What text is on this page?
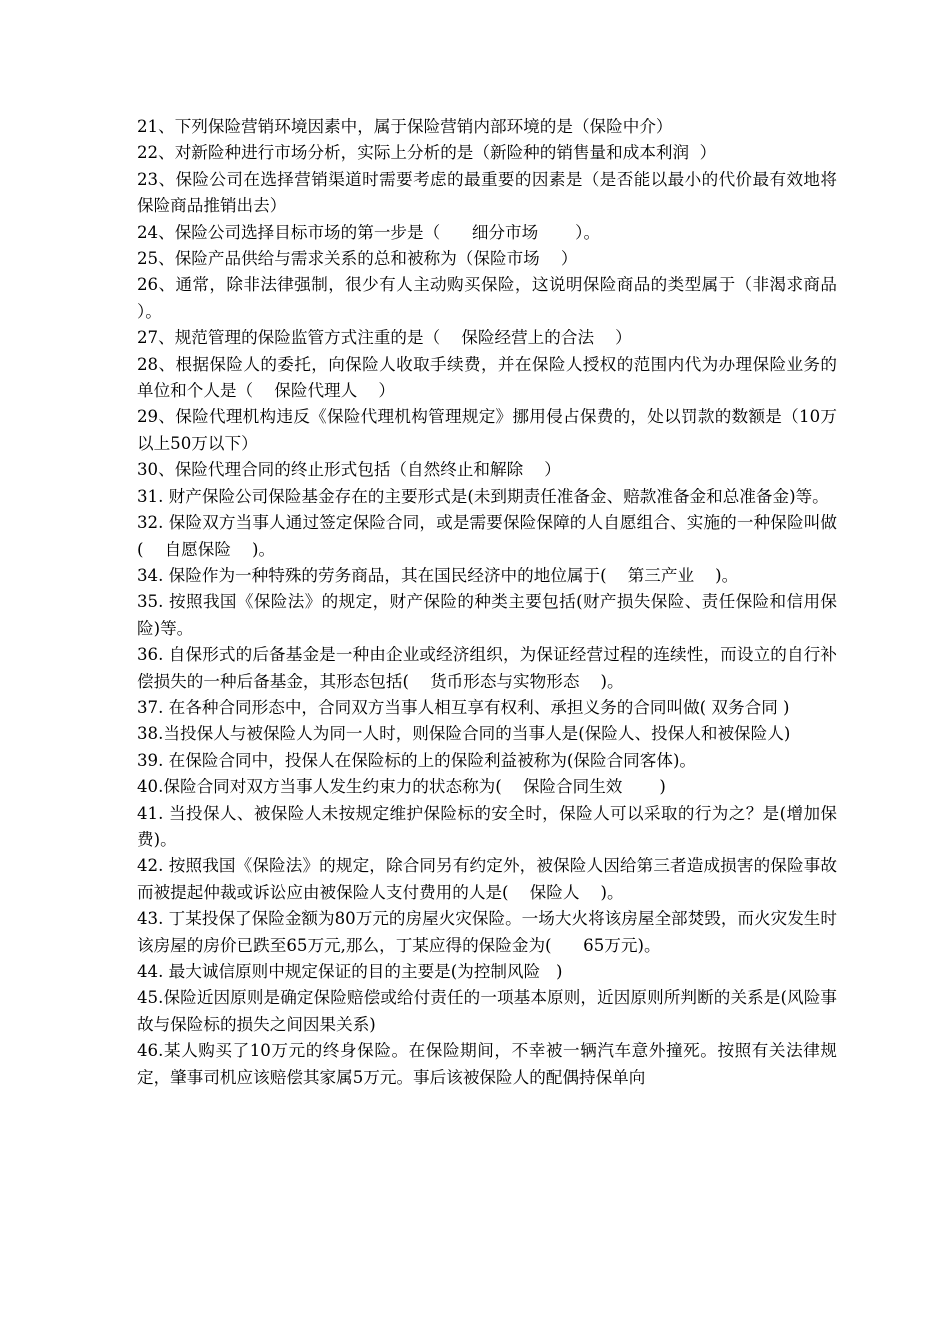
21、下列保险营销环境因素中，属于保险营销内部环境的是（保险中介）

22、对新险种进行市场分析，实际上分析的是（新险种的销售量和成本利润  ）

23、保险公司在选择营销渠道时需要考虑的最重要的因素是（是否能以最小的代价最有效地将保险商品推销出去）

24、保险公司选择目标市场的第一步是（      细分市场       ）。

25、保险产品供给与需求关系的总和被称为（保险市场    ）

26、通常，除非法律强制，很少有人主动购买保险，这说明保险商品的类型属于（非渴求商品     ）。

27、规范管理的保险监管方式注重的是（    保险经营上的合法    ）

28、根据保险人的委托，向保险人收取手续费，并在保险人授权的范围内代为办理保险业务的单位和个人是（    保险代理人    ）

29、保险代理机构违反《保险代理机构管理规定》挪用侵占保费的，处以罚款的数额是（10万以上50万以下）

30、保险代理合同的终止形式包括（自然终止和解除    ）

31. 财产保险公司保险基金存在的主要形式是(未到期责任准备金、赔款准备金和总准备金)等。

32. 保险双方当事人通过签定保险合同，或是需要保险保障的人自愿组合、实施的一种保险叫做(    自愿保险    )。

34. 保险作为一种特殊的劳务商品，其在国民经济中的地位属于(    第三产业    )。

35. 按照我国《保险法》的规定，财产保险的种类主要包括(财产损失保险、责任保险和信用保险)等。

36. 自保形式的后备基金是一种由企业或经济组织，为保证经营过程的连续性，而设立的自行补偿损失的一种后备基金，其形态包括(    货币形态与实物形态    )。

37. 在各种合同形态中，合同双方当事人相互享有权利、承担义务的合同叫做( 双务合同 )

38.当投保人与被保险人为同一人时，则保险合同的当事人是(保险人、投保人和被保险人)

39. 在保险合同中，投保人在保险标的上的保险利益被称为(保险合同客体)。

40.保险合同对双方当事人发生约束力的状态称为(    保险合同生效       )

41. 当投保人、被保险人未按规定维护保险标的安全时，保险人可以采取的行为之？是(增加保费)。

42. 按照我国《保险法》的规定，除合同另有约定外，被保险人因给第三者造成损害的保险事故而被提起仲裁或诉讼应由被保险人支付费用的人是(    保险人    )。

43. 丁某投保了保险金额为80万元的房屋火灾保险。一场大火将该房屋全部焚毁，而火灾发生时该房屋的房价已跌至65万元,那么，丁某应得的保险金为(      65万元)。

44. 最大诚信原则中规定保证的目的主要是(为控制风险   )

45.保险近因原则是确定保险赔偿或给付责任的一项基本原则，近因原则所判断的关系是(风险事故与保险标的损失之间因果关系)

46.某人购买了10万元的终身保险。在保险期间，不幸被一辆汽车意外撞死。按照有关法律规定，肇事司机应该赔偿其家属5万元。事后该被保险人的配偶持保单向
